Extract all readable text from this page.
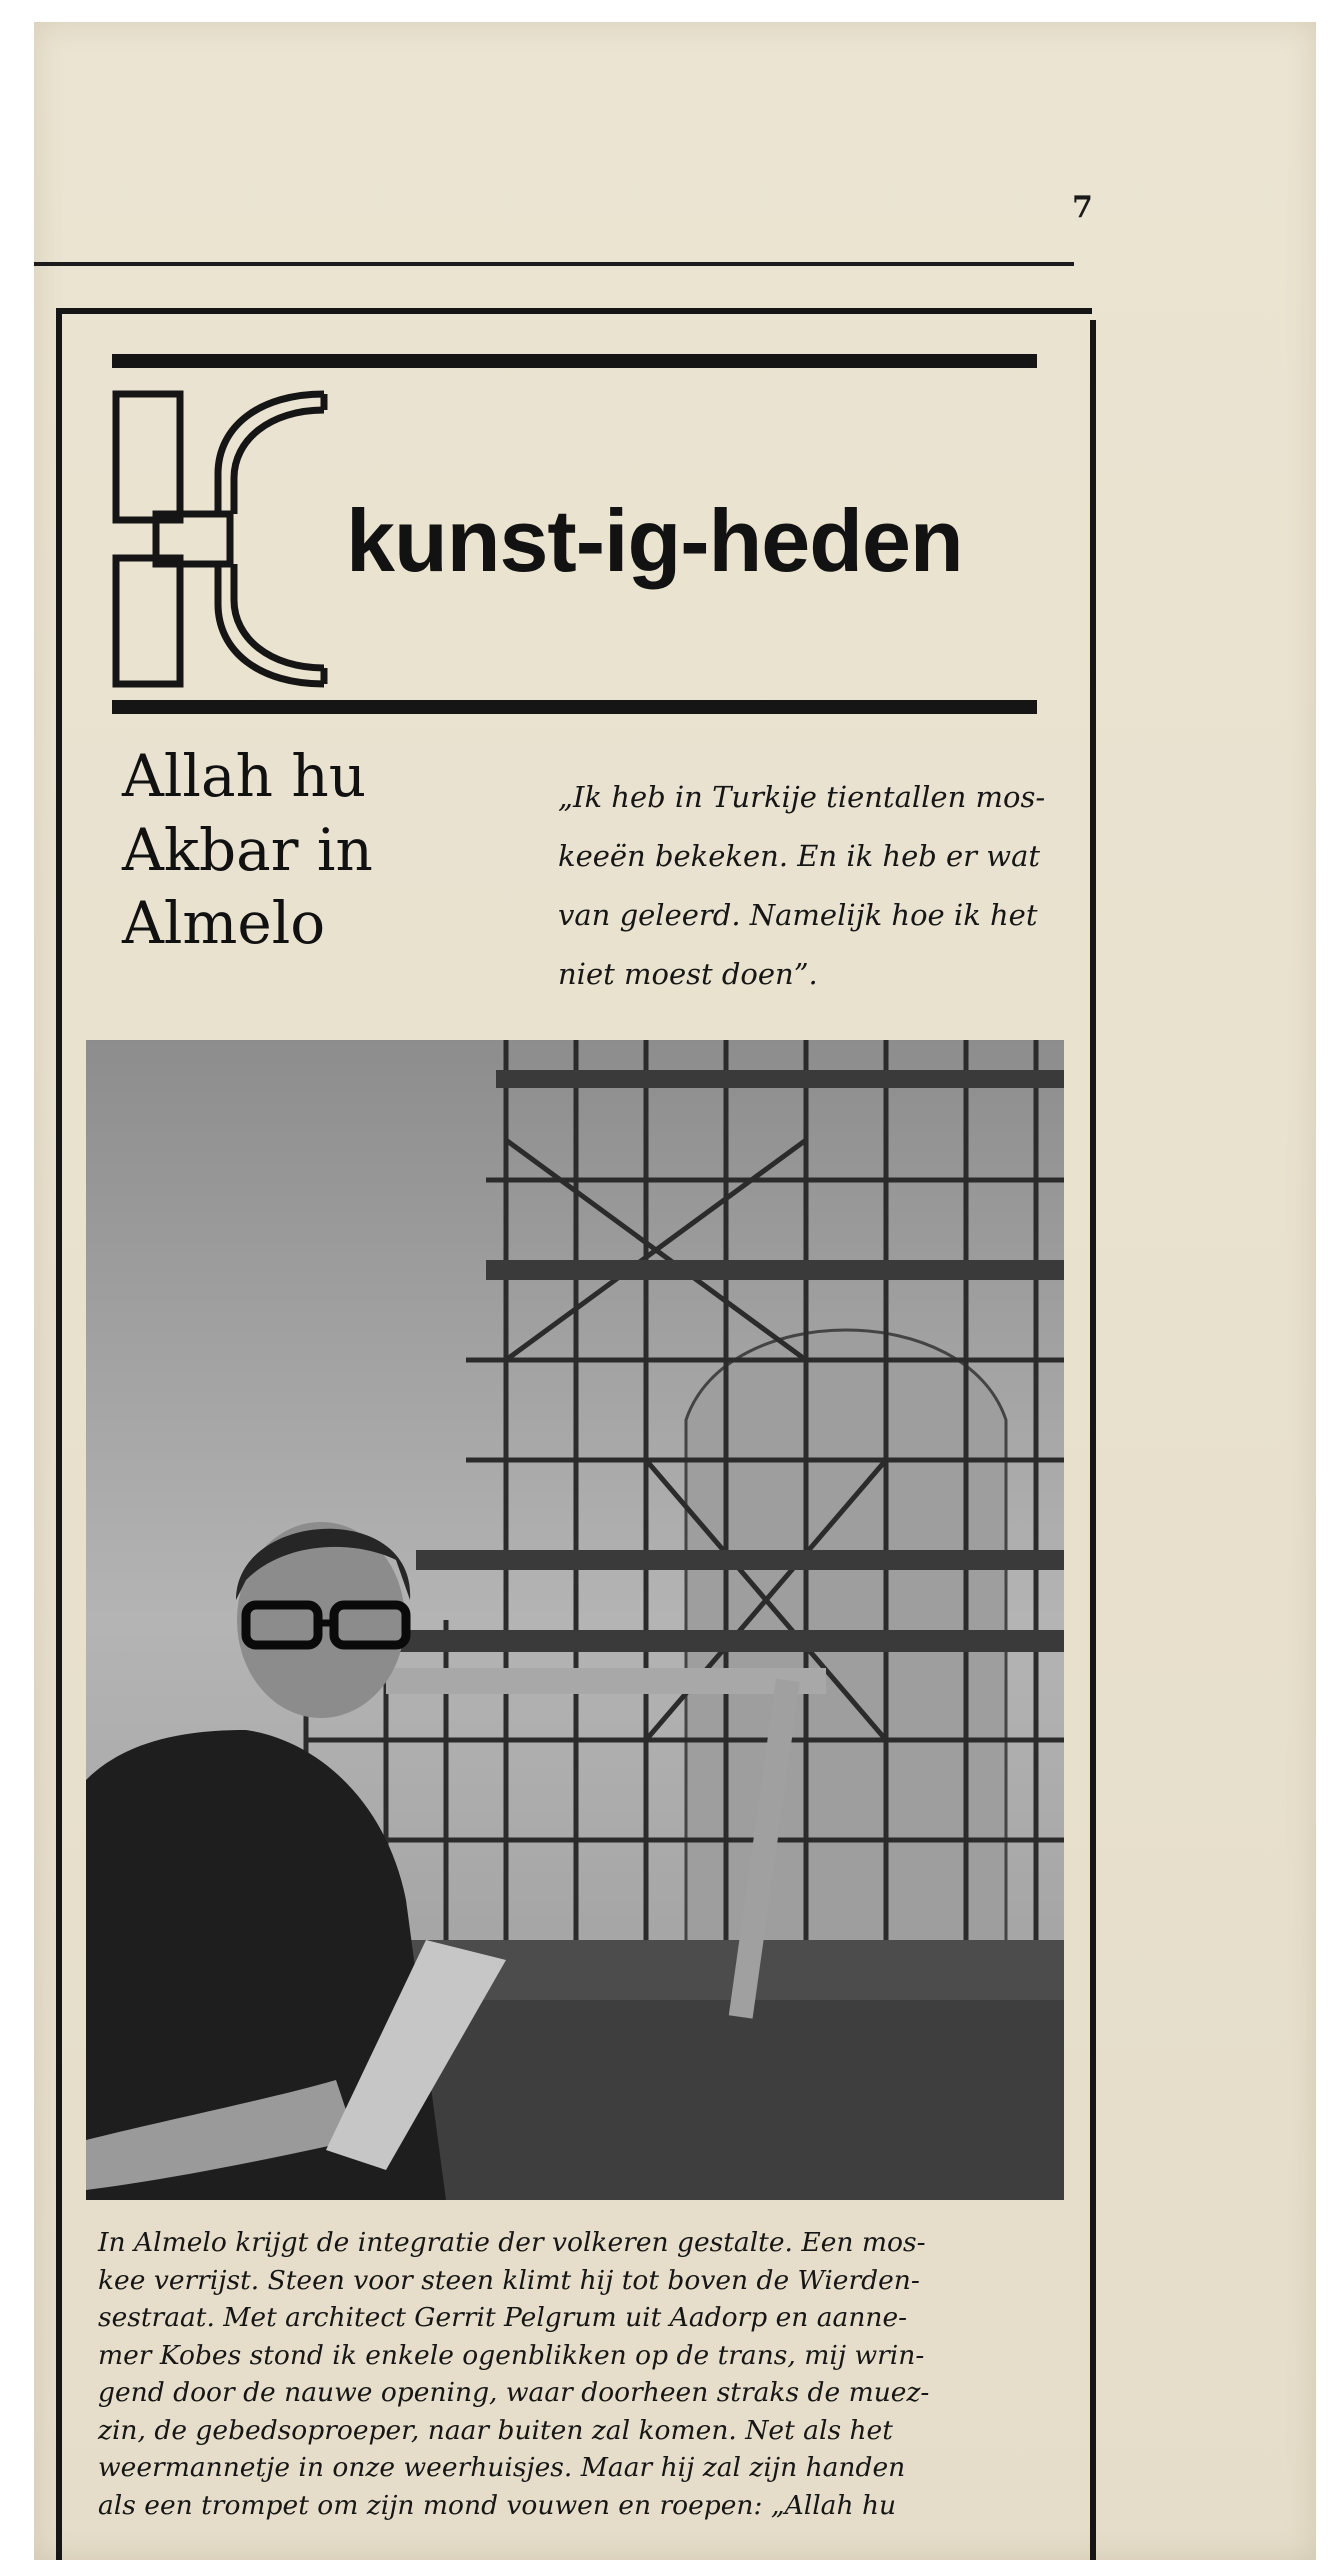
7
kunst-ig-heden
Allah hu
Akbar in
Almelo
„Ik heb in Turkije tientallen mos-
keeën bekeken. En ik heb er wat
van geleerd. Namelijk hoe ik het
niet moest doen”.
In Almelo krijgt de integratie der volkeren gestalte. Een mos-
kee verrijst. Steen voor steen klimt hij tot boven de Wierden-
sestraat. Met architect Gerrit Pelgrum uit Aadorp en aanne-
mer Kobes stond ik enkele ogenblikken op de trans, mij wrin-
gend door de nauwe opening, waar doorheen straks de muez-
zin, de gebedsoproeper, naar buiten zal komen. Net als het
weermannetje in onze weerhuisjes. Maar hij zal zijn handen
als een trompet om zijn mond vouwen en roepen: „Allah hu
